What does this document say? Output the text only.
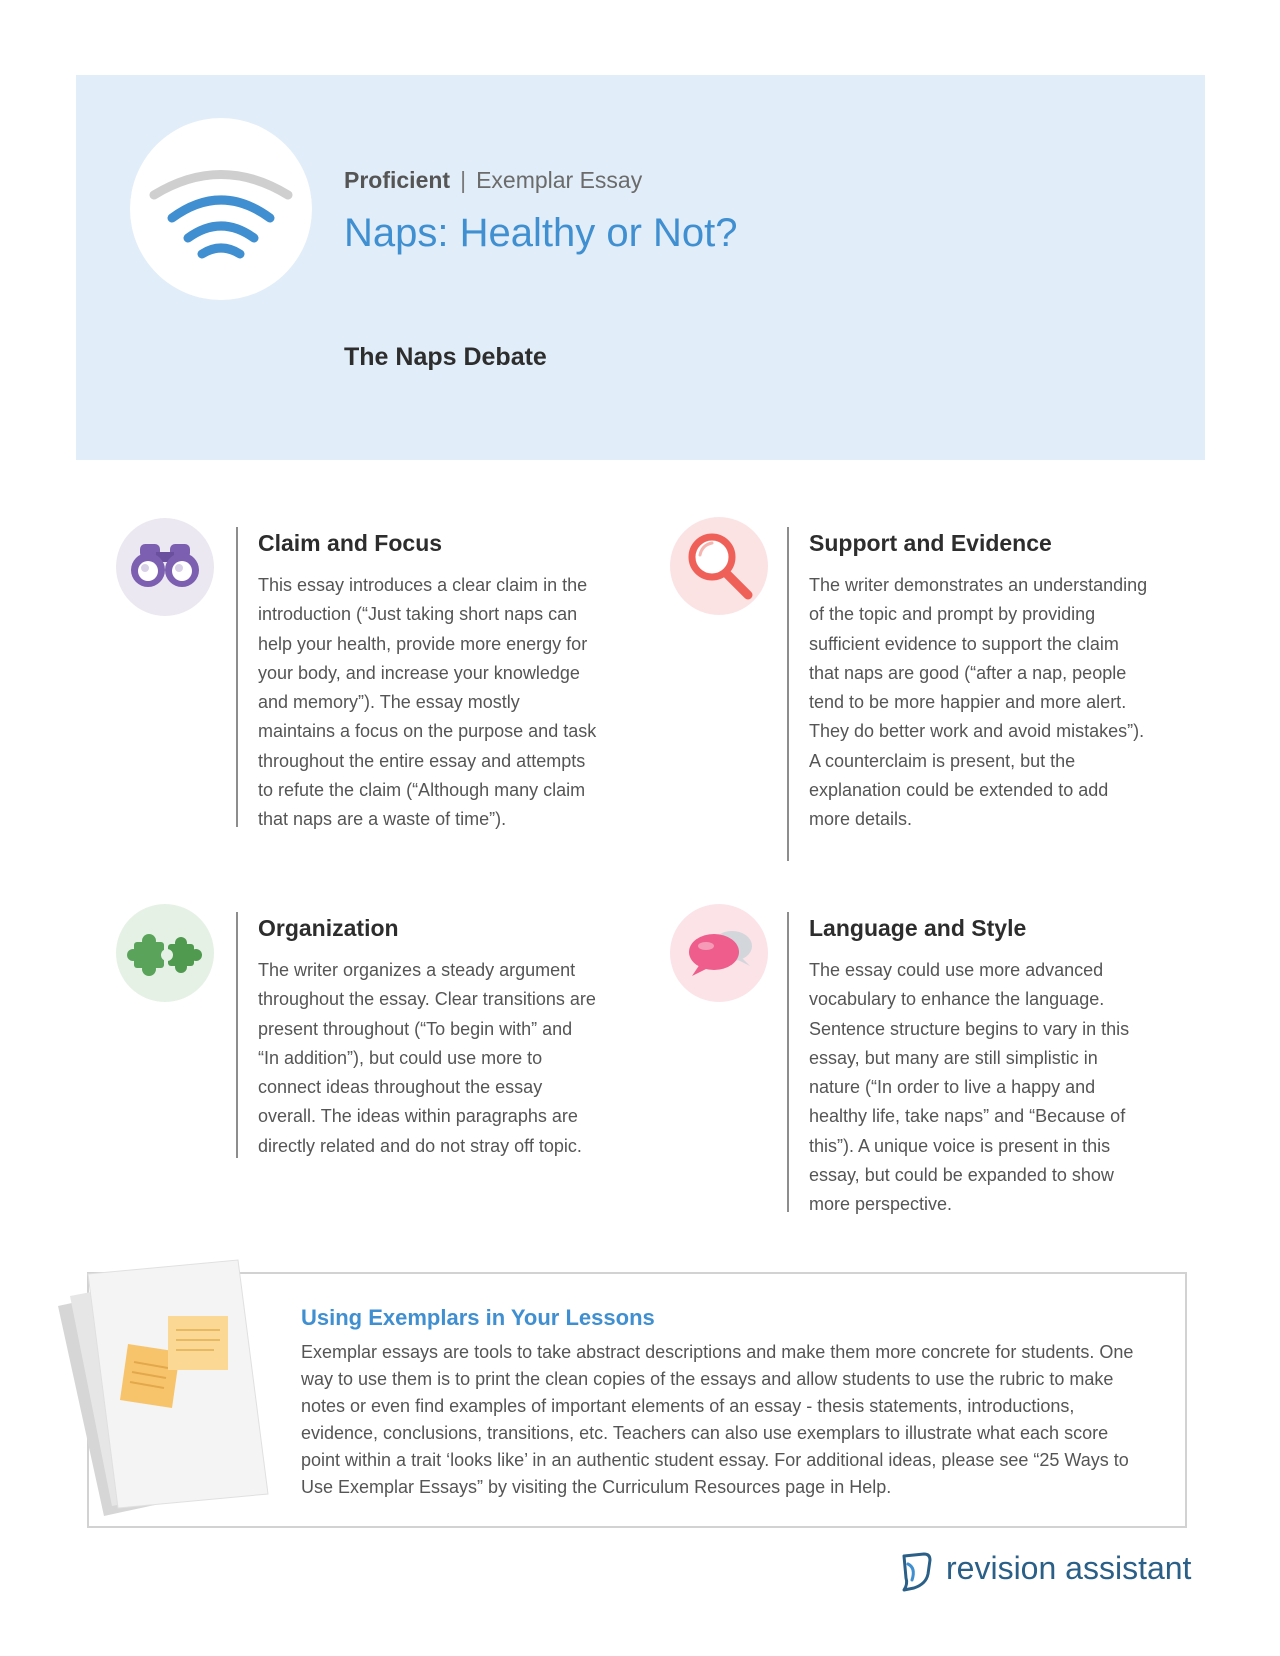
Proficient | Exemplar Essay
Naps: Healthy or Not?
The Naps Debate
Claim and Focus

This essay introduces a clear claim in the introduction (“Just taking short naps can help your health, provide more energy for your body, and increase your knowledge and memory”). The essay mostly maintains a focus on the purpose and task throughout the entire essay and attempts to refute the claim (“Although many claim that naps are a waste of time”).

Support and Evidence

The writer demonstrates an understanding of the topic and prompt by providing sufficient evidence to support the claim that naps are good (“after a nap, people tend to be more happier and more alert. They do better work and avoid mistakes”). A counterclaim is present, but the explanation could be extended to add more details.

Organization

The writer organizes a steady argument throughout the essay. Clear transitions are present throughout (“To begin with” and “In addition”), but could use more to connect ideas throughout the essay overall. The ideas within paragraphs are directly related and do not stray off topic.

Language and Style

The essay could use more advanced vocabulary to enhance the language. Sentence structure begins to vary in this essay, but many are still simplistic in nature (“In order to live a happy and healthy life, take naps” and “Because of this”). A unique voice is present in this essay, but could be expanded to show more perspective.

Using Exemplars in Your Lessons

Exemplar essays are tools to take abstract descriptions and make them more concrete for students. One way to use them is to print the clean copies of the essays and allow students to use the rubric to make notes or even find examples of important elements of an essay - thesis statements, introductions, evidence, conclusions, transitions, etc. Teachers can also use exemplars to illustrate what each score point within a trait ‘looks like’ in an authentic student essay. For additional ideas, please see “25 Ways to Use Exemplar Essays” by visiting the Curriculum Resources page in Help.

revision assistant
